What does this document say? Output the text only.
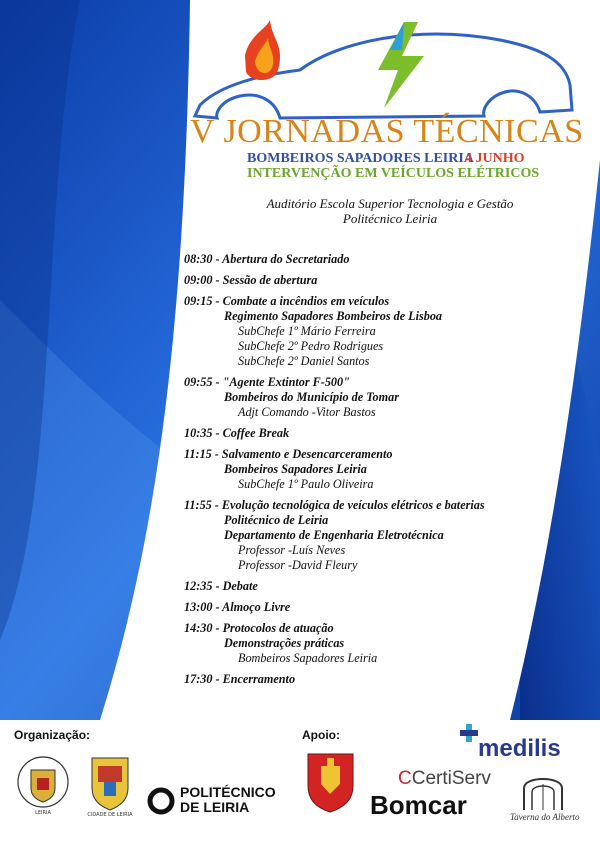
V JORNADAS TÉCNICAS
BOMBEIROS SAPADORES LEIRIA
4 JUNHO
INTERVENÇÃO EM VEÍCULOS ELÉTRICOS
Auditório Escola Superior Tecnologia e Gestão
Politécnico Leiria
08:30 - Abertura do Secretariado
09:00 - Sessão de abertura
09:15 - Combate a incêndios em veículos
Regimento Sapadores Bombeiros de Lisboa
SubChefe 1º Mário Ferreira
SubChefe 2º Pedro Rodrigues
SubChefe 2º Daniel Santos
09:55 - "Agente Extintor F-500"
Bombeiros do Município de Tomar
Adjt Comando -Vitor Bastos
10:35 - Coffee Break
11:15 - Salvamento e Desencarceramento
Bombeiros Sapadores Leiria
SubChefe 1º Paulo Oliveira
11:55 - Evolução tecnológica de veículos elétricos e baterias
Politécnico de Leiria
Departamento de Engenharia Eletrotécnica
Professor -Luís Neves
Professor -David Fleury
12:35 - Debate
13:00 - Almoço Livre
14:30 - Protocolos de atuação
Demonstrações práticas
Bombeiros Sapadores Leiria
17:30 - Encerramento
Organização:	Apoio:
LEIRIA	CIDADE DE LEIRIA
POLITÉCNICO
DE LEIRIA
medilis
CCertiServ
Bomcar	Taverna do Alberto
